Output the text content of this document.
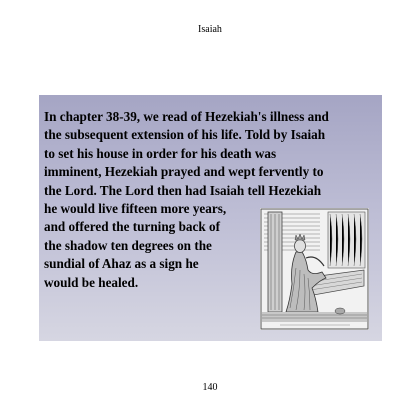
Isaiah
In chapter 38-39, we read of Hezekiah's illness and
the subsequent extension of his life. Told by Isaiah
to set his house in order for his death was
imminent, Hezekiah prayed and wept fervently to
the Lord. The Lord then had Isaiah tell Hezekiah
he would live fifteen more years,
and offered the turning back of
the shadow ten degrees on the
sundial of Ahaz as a sign he
would be healed.
140
